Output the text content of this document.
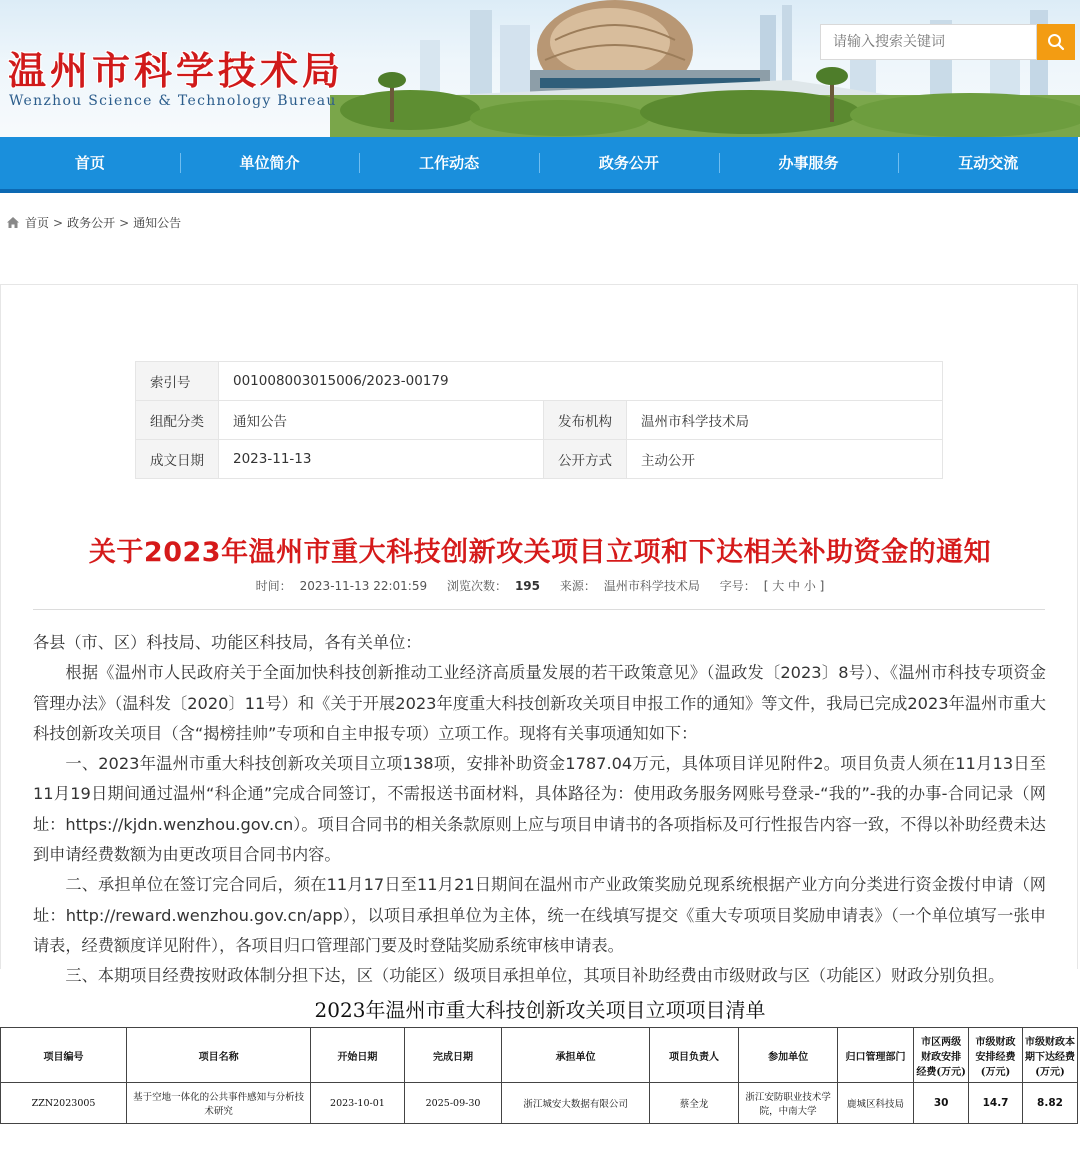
温州市科学技术局
Wenzhou Science & Technology Bureau
请输入搜索关键词
首页	单位简介	工作动态	政务公开	办事服务	互动交流
首页 > 政务公开 > 通知公告
索引号	001008003015006/2023-00179		
组配分类	通知公告	发布机构	温州市科学技术局
成文日期	2023-11-13	公开方式	主动公开
关于2023年温州市重大科技创新攻关项目立项和下达相关补助资金的通知
时间： 2023-11-13 22:01:59 浏览次数： 195 来源： 温州市科学技术局 字号： [ 大 中 小 ]

各县（市、区）科技局、功能区科技局，各有关单位：

根据《温州市人民政府关于全面加快科技创新推动工业经济高质量发展的若干政策意见》（温政发〔2023〕8号）、《温州市科技专项资金管理办法》（温科发〔2020〕11号）和《关于开展2023年度重大科技创新攻关项目申报工作的通知》等文件，我局已完成2023年温州市重大科技创新攻关项目（含“揭榜挂帅”专项和自主申报专项）立项工作。现将有关事项通知如下：

一、2023年温州市重大科技创新攻关项目立项138项，安排补助资金1787.04万元，具体项目详见附件2。项目负责人须在11月13日至11月19日期间通过温州“科企通”完成合同签订，不需报送书面材料，具体路径为：使用政务服务网账号登录-“我的”-我的办事-合同记录（网址：https://kjdn.wenzhou.gov.cn）。项目合同书的相关条款原则上应与项目申请书的各项指标及可行性报告内容一致，不得以补助经费未达到申请经费数额为由更改项目合同书内容。

二、承担单位在签订完合同后，须在11月17日至11月21日期间在温州市产业政策奖励兑现系统根据产业方向分类进行资金拨付申请（网址：http://reward.wenzhou.gov.cn/app），以项目承担单位为主体，统一在线填写提交《重大专项项目奖励申请表》（一个单位填写一张申请表，经费额度详见附件），各项目归口管理部门要及时登陆奖励系统审核申请表。

三、本期项目经费按财政体制分担下达，区（功能区）级项目承担单位，其项目补助经费由市级财政与区（功能区）财政分别负担。

2023年温州市重大科技创新攻关项目立项项目清单
项目编号	项目名称	开始日期	完成日期	承担单位	项目负责人	参加单位	归口管理部门	市区两级财政安排经费(万元)	市级财政安排经费(万元)	市级财政本期下达经费(万元)
ZZN2023005	基于空地一体化的公共事件感知与分析技术研究	2023-10-01	2025-09-30	浙江城安大数据有限公司	蔡全龙	浙江安防职业技术学院，中南大学	鹿城区科技局	30	14.7	8.82
